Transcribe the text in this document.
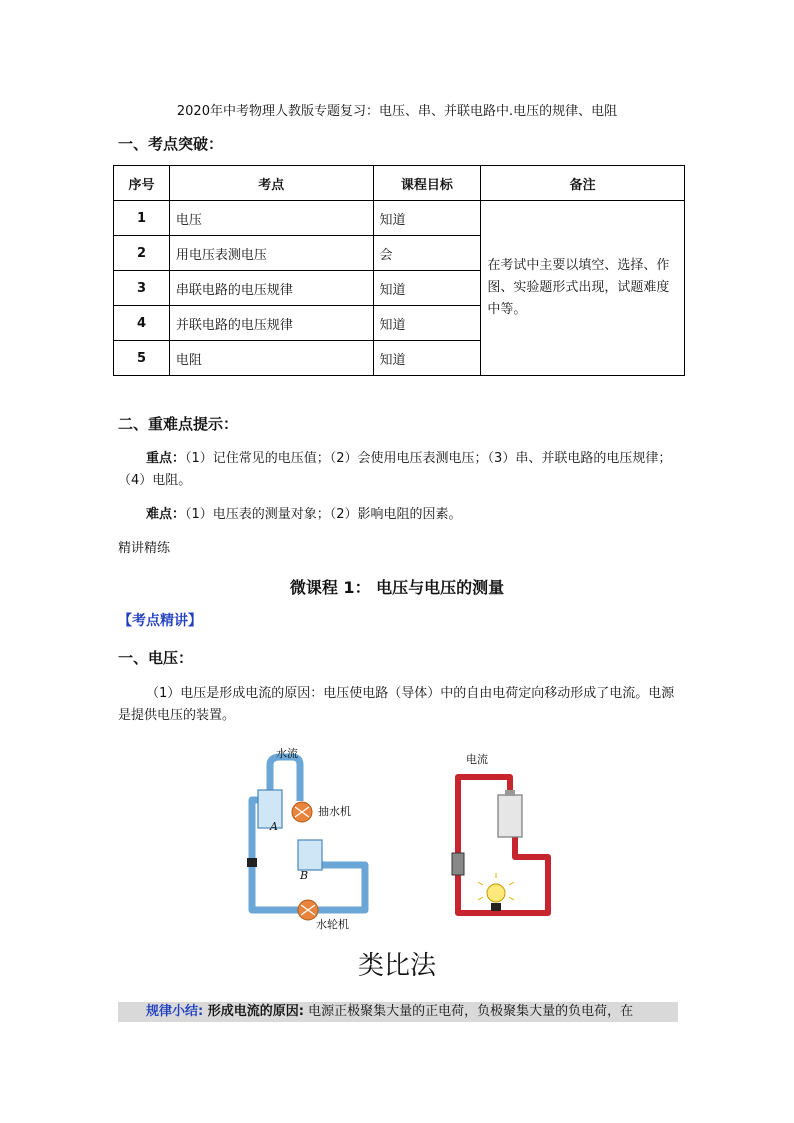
2020年中考物理人教版专题复习：电压、串、并联电路中.电压的规律、电阻
一、考点突破：
序号	考点	课程目标	备注
1	电压	知道	在考试中主要以填空、选择、作图、实验题形式出现，试题难度中等。
2	用电压表测电压	会	
3	串联电路的电压规律	知道	
4	并联电路的电压规律	知道	
5	电阻	知道	
二、重难点提示：
重点：（1）记住常见的电压值；（2）会使用电压表测电压；（3）串、并联电路的电压规律；（4）电阻。
难点：（1）电压表的测量对象；（2）影响电阻的因素。
精讲精练
微课程 1： 电压与电压的测量
【考点精讲】
一、电压：
（1）电压是形成电流的原因：电压使电路（导体）中的自由电荷定向移动形成了电流。电源是提供电压的装置。
水流
抽水机
A
B
水轮机
电流
类比法
规律小结: 形成电流的原因: 电源正极聚集大量的正电荷，负极聚集大量的负电荷，在
